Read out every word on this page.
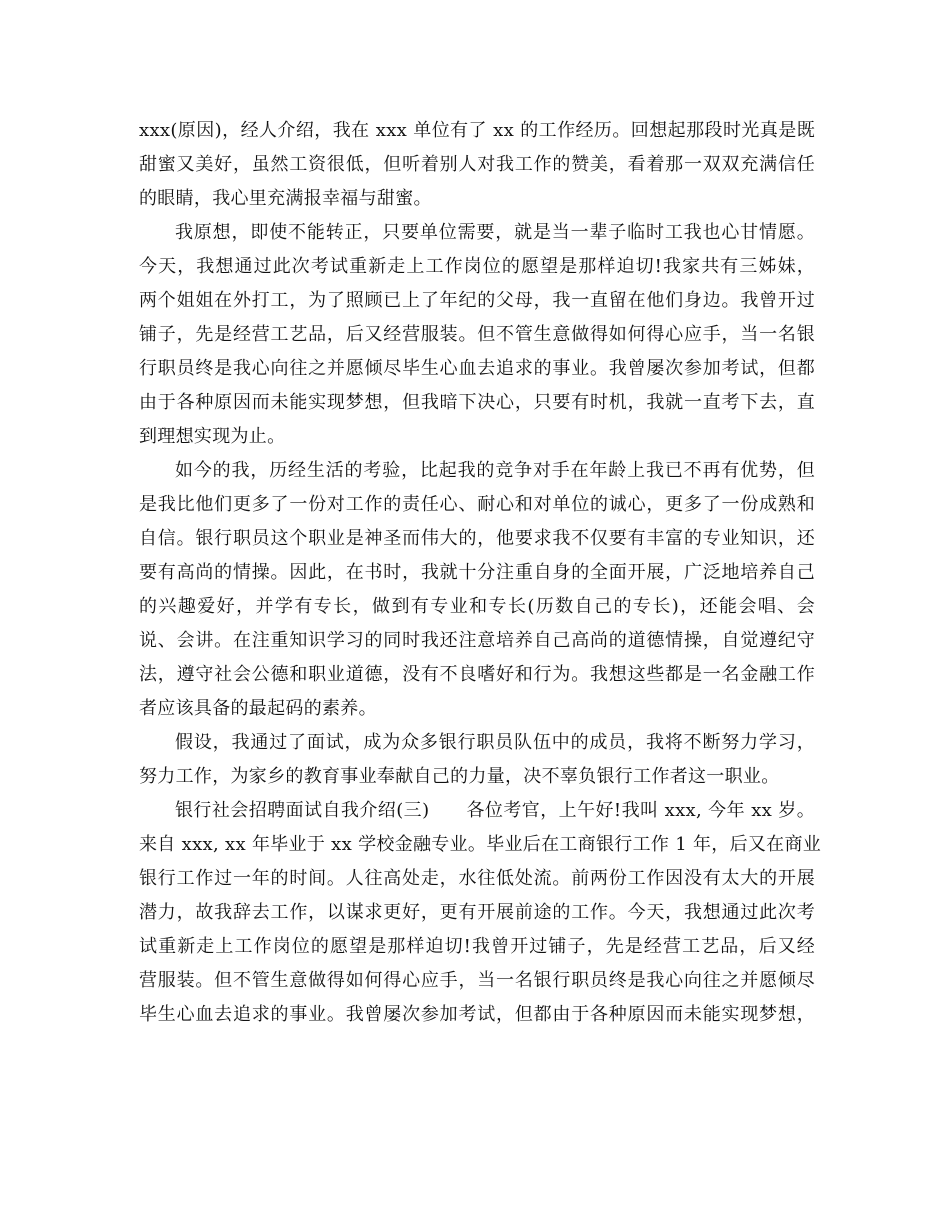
xxx(原因)，经人介绍，我在 xxx 单位有了 xx 的工作经历。回想起那段时光真是既
甜蜜又美好，虽然工资很低，但听着别人对我工作的赞美，看着那一双双充满信任
的眼睛，我心里充满报幸福与甜蜜。
我原想，即使不能转正，只要单位需要，就是当一辈子临时工我也心甘情愿。
今天，我想通过此次考试重新走上工作岗位的愿望是那样迫切!我家共有三姊妹，
两个姐姐在外打工，为了照顾已上了年纪的父母，我一直留在他们身边。我曾开过
铺子，先是经营工艺品，后又经营服装。但不管生意做得如何得心应手，当一名银
行职员终是我心向往之并愿倾尽毕生心血去追求的事业。我曾屡次参加考试，但都
由于各种原因而未能实现梦想，但我暗下决心，只要有时机，我就一直考下去，直
到理想实现为止。
如今的我，历经生活的考验，比起我的竞争对手在年龄上我已不再有优势，但
是我比他们更多了一份对工作的责任心、耐心和对单位的诚心，更多了一份成熟和
自信。银行职员这个职业是神圣而伟大的，他要求我不仅要有丰富的专业知识，还
要有高尚的情操。因此，在书时，我就十分注重自身的全面开展，广泛地培养自己
的兴趣爱好，并学有专长，做到有专业和专长(历数自己的专长)，还能会唱、会
说、会讲。在注重知识学习的同时我还注意培养自己高尚的道德情操，自觉遵纪守
法，遵守社会公德和职业道德，没有不良嗜好和行为。我想这些都是一名金融工作
者应该具备的最起码的素养。
假设，我通过了面试，成为众多银行职员队伍中的成员，我将不断努力学习，
努力工作，为家乡的教育事业奉献自己的力量，决不辜负银行工作者这一职业。
银行社会招聘面试自我介绍(三)　　各位考官，上午好!我叫 xxx, 今年 xx 岁。
来自 xxx, xx 年毕业于 xx 学校金融专业。毕业后在工商银行工作 1 年，后又在商业
银行工作过一年的时间。人往高处走，水往低处流。前两份工作因没有太大的开展
潜力，故我辞去工作，以谋求更好，更有开展前途的工作。今天，我想通过此次考
试重新走上工作岗位的愿望是那样迫切!我曾开过铺子，先是经营工艺品，后又经
营服装。但不管生意做得如何得心应手，当一名银行职员终是我心向往之并愿倾尽
毕生心血去追求的事业。我曾屡次参加考试，但都由于各种原因而未能实现梦想，
